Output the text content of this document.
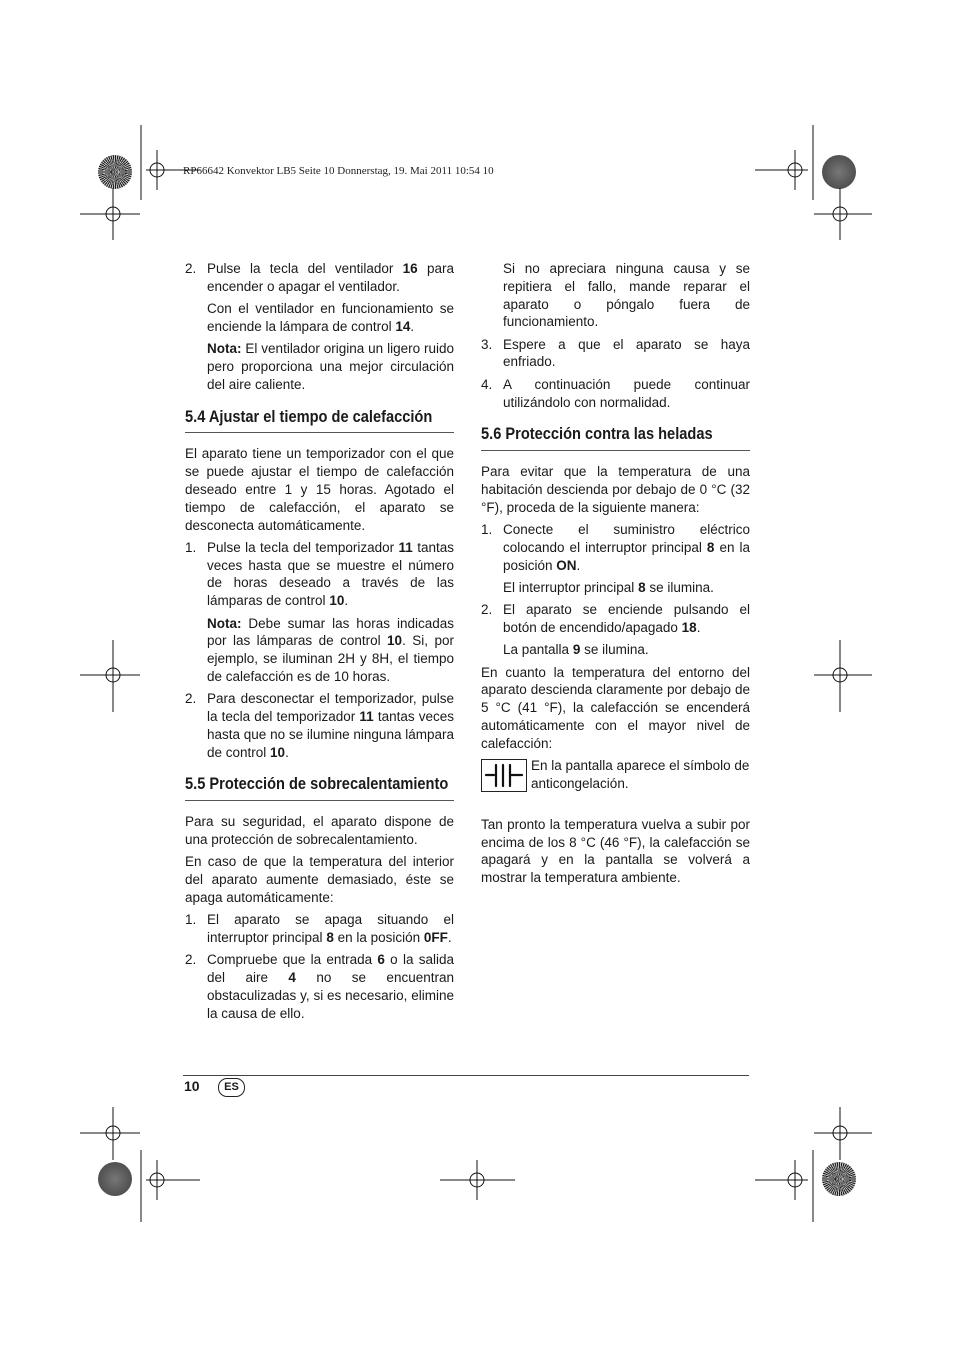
RP66642 Konvektor LB5 Seite 10 Donnerstag, 19. Mai 2011 10:54 10
2. Pulse la tecla del ventilador 16 para encender o apagar el ventilador.

Con el ventilador en funcionamiento se enciende la lámpara de control 14.

Nota: El ventilador origina un ligero ruido pero proporciona una mejor circulación del aire caliente.

5.4 Ajustar el tiempo de calefacción

El aparato tiene un temporizador con el que se puede ajustar el tiempo de calefacción deseado entre 1 y 15 horas. Agotado el tiempo de calefacción, el aparato se desconecta automáticamente.

1. Pulse la tecla del temporizador 11 tantas veces hasta que se muestre el número de horas deseado a través de las lámparas de control 10.

Nota: Debe sumar las horas indicadas por las lámparas de control 10. Si, por ejemplo, se iluminan 2H y 8H, el tiempo de calefacción es de 10 horas.

2. Para desconectar el temporizador, pulse la tecla del temporizador 11 tantas veces hasta que no se ilumine ninguna lámpara de control 10.
5.5 Protección de sobrecalentamiento

Para su seguridad, el aparato dispone de una protección de sobrecalentamiento.

En caso de que la temperatura del interior del aparato aumente demasiado, éste se apaga automáticamente:

1. El aparato se apaga situando el interruptor principal 8 en la posición 0FF.
2. Compruebe que la entrada 6 o la salida del aire 4 no se encuentran obstaculizadas y, si es necesario, elimine la causa de ello.

Si no apreciara ninguna causa y se repitiera el fallo, mande reparar el aparato o póngalo fuera de funcionamiento.

3. Espere a que el aparato se haya enfriado.
4. A continuación puede continuar utilizándolo con normalidad.
5.6 Protección contra las heladas

Para evitar que la temperatura de una habitación descienda por debajo de 0 °C (32 °F), proceda de la siguiente manera:

1. Conecte el suministro eléctrico colocando el interruptor principal 8 en la posición ON.

El interruptor principal 8 se ilumina.

2. El aparato se enciende pulsando el botón de encendido/apagado 18.

La pantalla 9 se ilumina.

En cuanto la temperatura del entorno del aparato descienda claramente por debajo de 5 °C (41 °F), la calefacción se encenderá automáticamente con el mayor nivel de calefacción:

En la pantalla aparece el símbolo de anticongelación.

Tan pronto la temperatura vuelva a subir por encima de los 8 °C (46 °F), la calefacción se apagará y en la pantalla se volverá a mostrar la temperatura ambiente.

10	ES
